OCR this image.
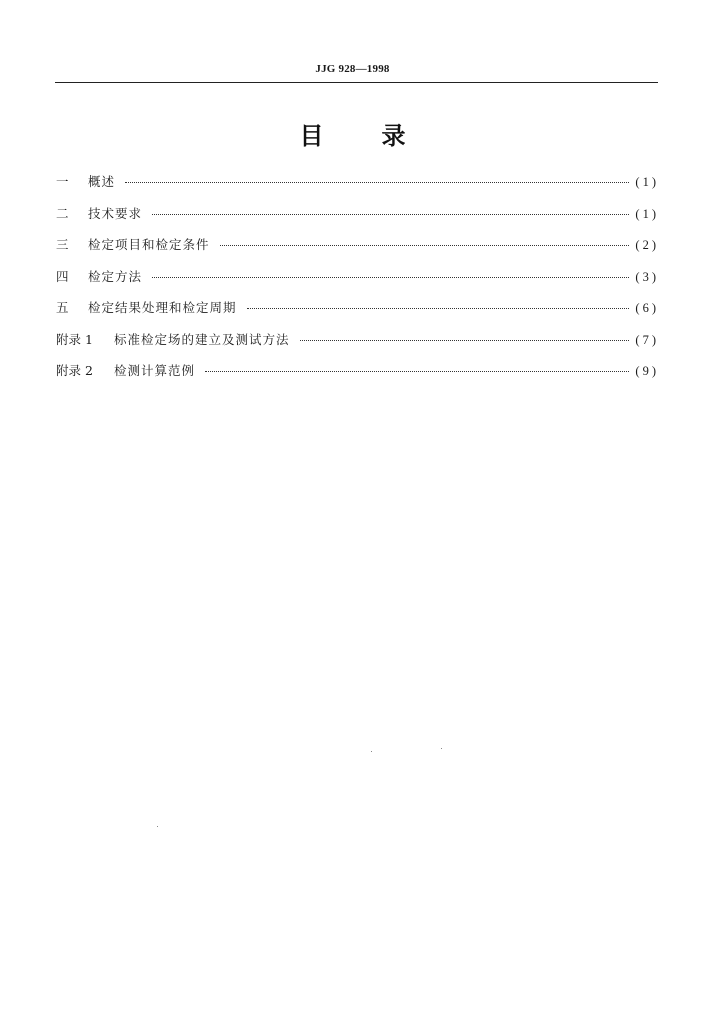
JJG 928—1998
目录
一	概述	(1)
二	技术要求	(1)
三	检定项目和检定条件	(2)
四	检定方法	(3)
五	检定结果处理和检定周期	(6)
附录 1	标准检定场的建立及测试方法	(7)
附录 2	检测计算范例	(9)
